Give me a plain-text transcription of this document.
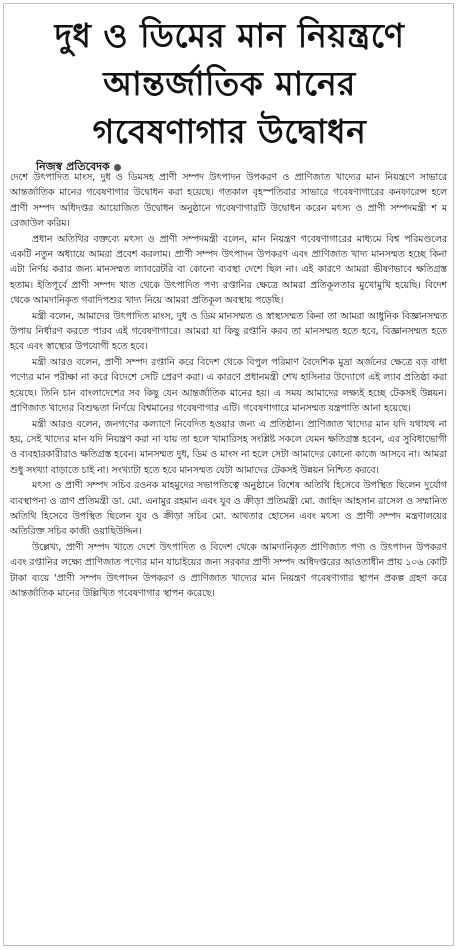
দুধ ও ডিমের মান নিয়ন্ত্রণে
আন্তর্জাতিক মানের
গবেষণাগার উদ্বোধন
নিজস্ব প্রতিবেদক

দেশে উৎপাদিত মাংস, দুধ ও ডিমসহ প্রাণী সম্পদ উৎপাদন উপকরণ ও প্রাণিজাত খাদ্যের মান নিয়ন্ত্রণে সাভারে আন্তর্জাতিক মানের গবেষণাগার উদ্বোধন করা হয়েছে। গতকাল বৃহস্পতিবার সাভারে গবেষণাগারের কনফারেন্স হলে প্রাণী সম্পদ অধিদপ্তর আয়োজিত উদ্বোধন অনুষ্ঠানে গবেষণাগারটি উদ্বোধন করেন মৎস্য ও প্রাণী সম্পদমন্ত্রী শ ম রেজাউল করিম।

প্রধান অতিথির বক্তব্যে মৎস্য ও প্রাণী সম্পদমন্ত্রী বলেন, মান নিয়ন্ত্রণ গবেষণাগারের মাধ্যমে বিশ্ব পরিমণ্ডলের একটি নতুন অধ্যায়ে আমরা প্রবেশ করলাম। প্রাণী সম্পদ উৎপাদন উপকরণ এবং প্রাণিজাত খাদ্য মানসম্মত হচ্ছে কিনা এটা নির্ণয় করার জন্য মানসম্মত ল্যাবরেটরি বা কোনো ব্যবস্থা দেশে ছিল না। এই কারণে আমরা ভীষণভাবে ক্ষতিগ্রস্ত হতাম। ইতিপূর্বে প্রাণী সম্পদ খাত থেকে উৎপাদিত পণ্য রপ্তানির ক্ষেত্রে আমরা প্রতিকূলতার মুখোমুখি হয়েছি। বিদেশ থেকে আমদানিকৃত গবাদিপশুর খাদ্য নিয়ে আমরা প্রতিকূল অবস্থায় পড়েছি।

মন্ত্রী বলেন, আমাদের উৎপাদিত মাংস, দুধ ও ডিম মানসম্মত ও স্বাস্থ্যসম্মত কিনা তা আমরা আধুনিক বিজ্ঞানসম্মত উপায় নির্ধারণ করতে পারব এই গবেষণাগারে। আমরা যা কিছু রপ্তানি করব তা মানসম্মত হতে হবে, বিজ্ঞানসম্মত হতে হবে এবং স্বাস্থ্যের উপযোগী হতে হবে।

মন্ত্রী আরও বলেন, প্রাণী সম্পদ রপ্তানি করে বিদেশ থেকে বিপুল পরিমাণ বৈদেশিক মুদ্রা অর্জনের ক্ষেত্রে বড় বাধা পণ্যের মান পরীক্ষা না করে বিদেশে সেটি প্রেরণ করা। এ কারণে প্রধানমন্ত্রী শেখ হাসিনার উদ্যোগে এই ল্যাব প্রতিষ্ঠা করা হয়েছে। তিনি চান বাংলাদেশের সব কিছু যেন আন্তর্জাতিক মানের হয়। এ সময় আমাদের লক্ষ্যই হচ্ছে টেকসই উন্নয়ন। প্রাণিজাত খাদ্যের বিশুদ্ধতা নির্ণয়ে বিশ্বমানের গবেষণাগার এটি। গবেষণাগারে মানসম্মত যন্ত্রপাতি আনা হয়েছে।

মন্ত্রী আরও বলেন, জনগণের কল্যাণে নিবেদিত হওয়ার জন্য এ প্রতিষ্ঠান। প্রাণিজাত খাদ্যের মান যদি যথাযথ না হয়, সেই খাদ্যের মান যদি নিয়ন্ত্রণ করা না যায় তা হলে খামারিসহ সংশ্লিষ্ট সকলে যেমন ক্ষতিগ্রস্ত হবেন, এর সুবিধাভোগী ও ব্যবহারকারীরাও ক্ষতিগ্রস্ত হবেন। মানসম্মত দুধ, ডিম ও মাংস না হলে সেটা আমাদের কোনো কাজে আসবে না। আমরা শুধু সংখ্যা বাড়াতে চাই না। সংখ্যাটা হতে হবে মানসম্মত যেটা আমাদের টেকসই উন্নয়ন নিশ্চিত করবে।

মৎস্য ও প্রাণী সম্পদ সচিব রওনক মাহমুদের সভাপতিত্বে অনুষ্ঠানে বিশেষ অতিথি হিসেবে উপস্থিত ছিলেন দুর্যোগ ব্যবস্থাপনা ও ত্রাণ প্রতিমন্ত্রী ডা. মো. এনামুর রহমান এবং যুব ও ক্রীড়া প্রতিমন্ত্রী মো. জাহিদ আহসান রাসেল ও সম্মানিত অতিথি হিসেবে উপস্থিত ছিলেন যুব ও ক্রীড়া সচিব মো. আখতার হোসেন এবং মৎস্য ও প্রাণী সম্পদ মন্ত্রণালয়ের অতিরিক্ত সচিব কাজী ওয়াছিউদ্দিন।

উল্লেখ্য, প্রাণী সম্পদ খাতে দেশে উৎপাদিত ও বিদেশ থেকে আমদানিকৃত প্রাণিজাত পণ্য ও উৎপাদন উপকরণ এবং রপ্তানির লক্ষ্যে প্রাণিজাত পণ্যের মান যাচাইয়ের জন্য সরকার প্রাণী সম্পদ অধিদপ্তরের আওতাধীন প্রায় ১০৬ কোটি টাকা ব্যয়ে 'প্রাণী সম্পদ উৎপাদন উপকরণ ও প্রাণিজাত খাদ্যের মান নিয়ন্ত্রণ গবেষণাগার স্থাপন প্রকল্প গ্রহণ করে আন্তর্জাতিক মানের উল্লিখিত গবেষণাগার স্থাপন করেছে।
